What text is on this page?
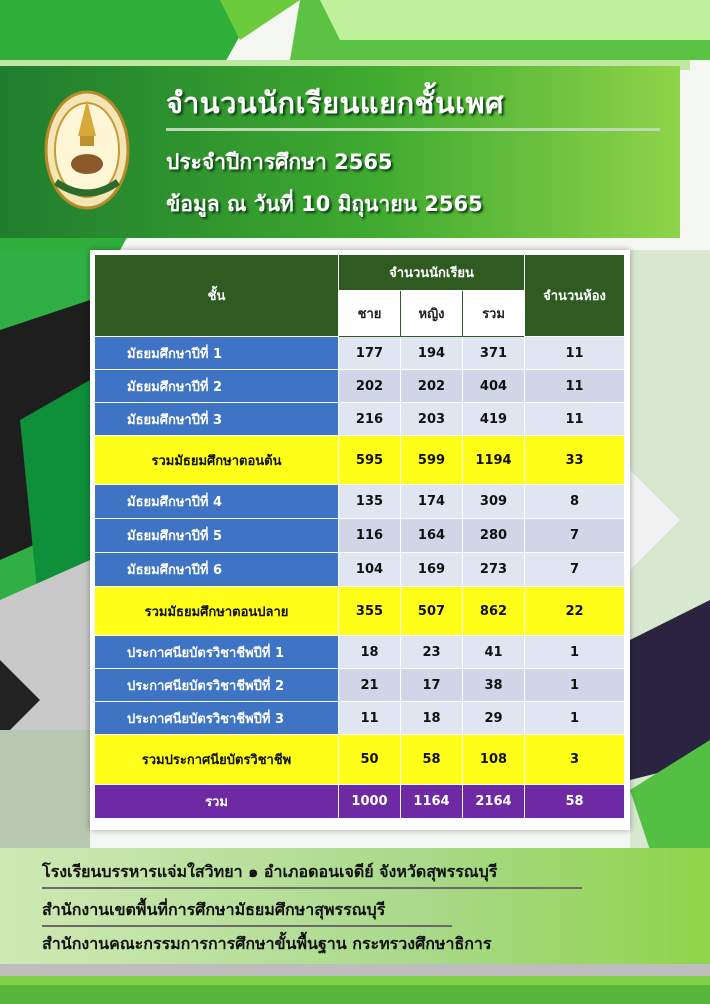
จำนวนนักเรียนแยกชั้นเพศ
ประจำปีการศึกษา 2565
ข้อมูล ณ วันที่ 10 มิถุนายน 2565
ชั้น	จำนวนนักเรียน			จำนวนห้อง
	ชาย	หญิง	รวม	
มัธยมศึกษาปีที่ 1	177	194	371	11
มัธยมศึกษาปีที่ 2	202	202	404	11
มัธยมศึกษาปีที่ 3	216	203	419	11
รวมมัธยมศึกษาตอนต้น	595	599	1194	33
มัธยมศึกษาปีที่ 4	135	174	309	8
มัธยมศึกษาปีที่ 5	116	164	280	7
มัธยมศึกษาปีที่ 6	104	169	273	7
รวมมัธยมศึกษาตอนปลาย	355	507	862	22
ประกาศนียบัตรวิชาชีพปีที่ 1	18	23	41	1
ประกาศนียบัตรวิชาชีพปีที่ 2	21	17	38	1
ประกาศนียบัตรวิชาชีพปีที่ 3	11	18	29	1
รวมประกาศนียบัตรวิชาชีพ	50	58	108	3
รวม	1000	1164	2164	58
โรงเรียนบรรหารแจ่มใสวิทยา ๑ อำเภอดอนเจดีย์ จังหวัดสุพรรณบุรี
สำนักงานเขตพื้นที่การศึกษามัธยมศึกษาสุพรรณบุรี
สำนักงานคณะกรรมการการศึกษาขั้นพื้นฐาน กระทรวงศึกษาธิการ
